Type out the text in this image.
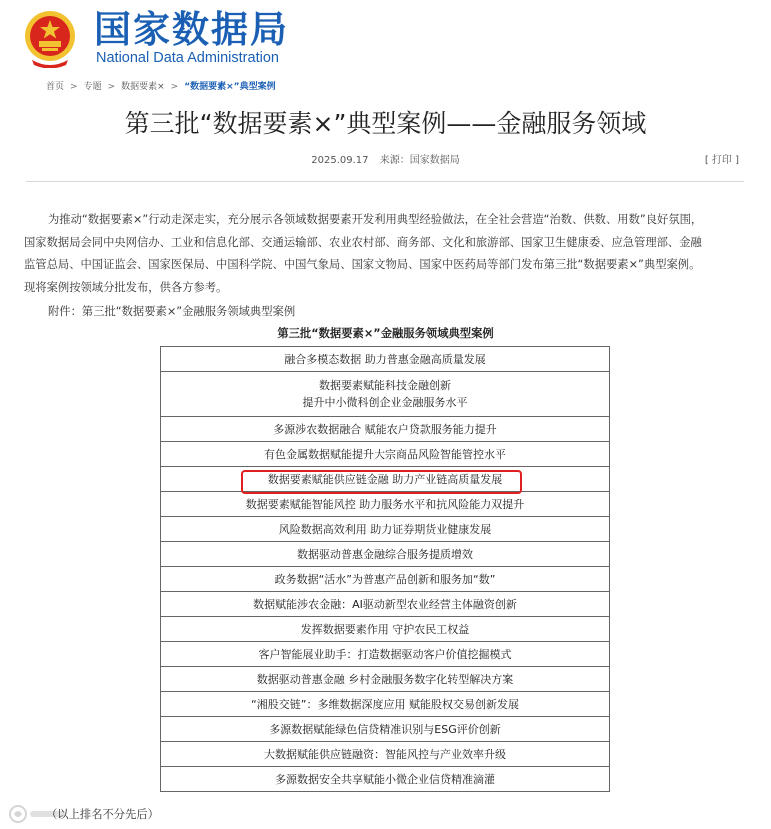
国家数据局
National Data Administration
首页 > 专题 > 数据要素× > “数据要素×”典型案例
第三批“数据要素×”典型案例——金融服务领域
2025.09.17 来源：国家数据局	[ 打印 ]

为推动“数据要素×”行动走深走实，充分展示各领域数据要素开发利用典型经验做法，在全社会营造“治数、供数、用数”良好氛围，

国家数据局会同中央网信办、工业和信息化部、交通运输部、农业农村部、商务部、文化和旅游部、国家卫生健康委、应急管理部、金融

监管总局、中国证监会、国家医保局、中国科学院、中国气象局、国家文物局、国家中医药局等部门发布第三批“数据要素×”典型案例。

现将案例按领域分批发布，供各方参考。

附件：第三批“数据要素×”金融服务领域典型案例
第三批“数据要素×”金融服务领域典型案例
融合多模态数据 助力普惠金融高质量发展
数据要素赋能科技金融创新
提升中小微科创企业金融服务水平
多源涉农数据融合 赋能农户贷款服务能力提升
有色金属数据赋能提升大宗商品风险智能管控水平
数据要素赋能供应链金融 助力产业链高质量发展
数据要素赋能智能风控 助力服务水平和抗风险能力双提升
风险数据高效利用 助力证券期货业健康发展
数据驱动普惠金融综合服务提质增效
政务数据“活水”为普惠产品创新和服务加“数”
数据赋能涉农金融：AI驱动新型农业经营主体融资创新
发挥数据要素作用 守护农民工权益
客户智能展业助手：打造数据驱动客户价值挖掘模式
数据驱动普惠金融 乡村金融服务数字化转型解决方案
“湘股交链”：多维数据深度应用 赋能股权交易创新发展
多源数据赋能绿色信贷精准识别与ESG评价创新
大数据赋能供应链融资：智能风控与产业效率升级
多源数据安全共享赋能小微企业信贷精准滴灌
（以上排名不分先后）
